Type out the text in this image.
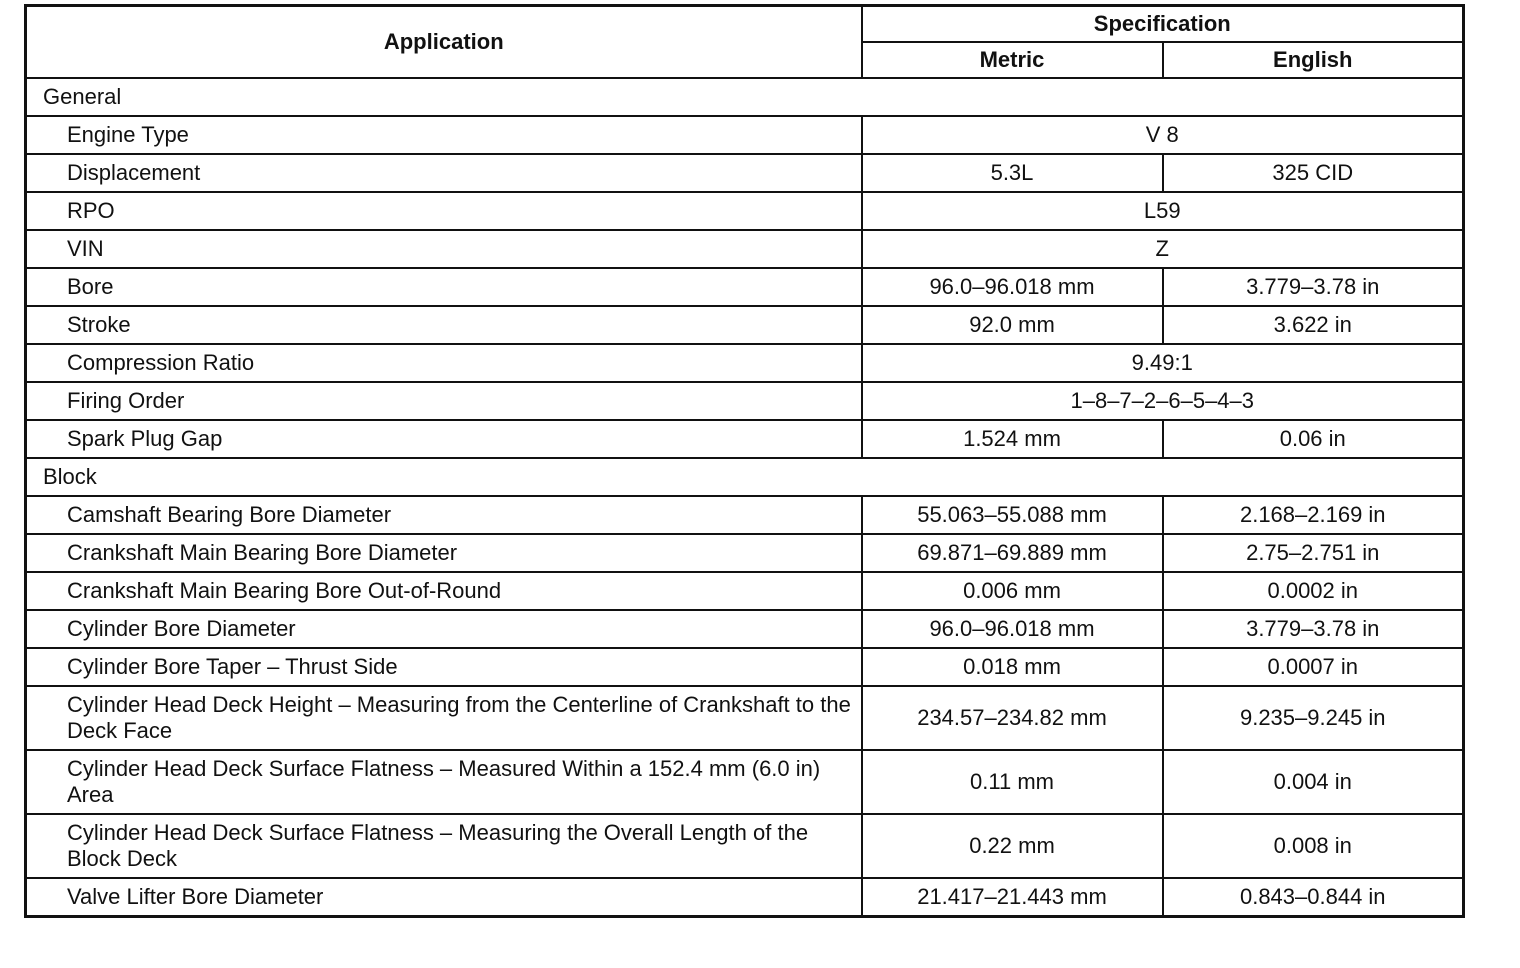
Application	Specification	
	Metric	English
General		
Engine Type	V 8	
Displacement	5.3L	325 CID
RPO	L59	
VIN	Z	
Bore	96.0–96.018 mm	3.779–3.78 in
Stroke	92.0 mm	3.622 in
Compression Ratio	9.49:1	
Firing Order	1–8–7–2–6–5–4–3	
Spark Plug Gap	1.524 mm	0.06 in
Block		
Camshaft Bearing Bore Diameter	55.063–55.088 mm	2.168–2.169 in
Crankshaft Main Bearing Bore Diameter	69.871–69.889 mm	2.75–2.751 in
Crankshaft Main Bearing Bore Out-of-Round	0.006 mm	0.0002 in
Cylinder Bore Diameter	96.0–96.018 mm	3.779–3.78 in
Cylinder Bore Taper – Thrust Side	0.018 mm	0.0007 in
Cylinder Head Deck Height – Measuring from the Centerline of Crankshaft to the Deck Face	234.57–234.82 mm	9.235–9.245 in
Cylinder Head Deck Surface Flatness – Measured Within a 152.4 mm (6.0 in) Area	0.11 mm	0.004 in
Cylinder Head Deck Surface Flatness – Measuring the Overall Length of the Block Deck	0.22 mm	0.008 in
Valve Lifter Bore Diameter	21.417–21.443 mm	0.843–0.844 in
